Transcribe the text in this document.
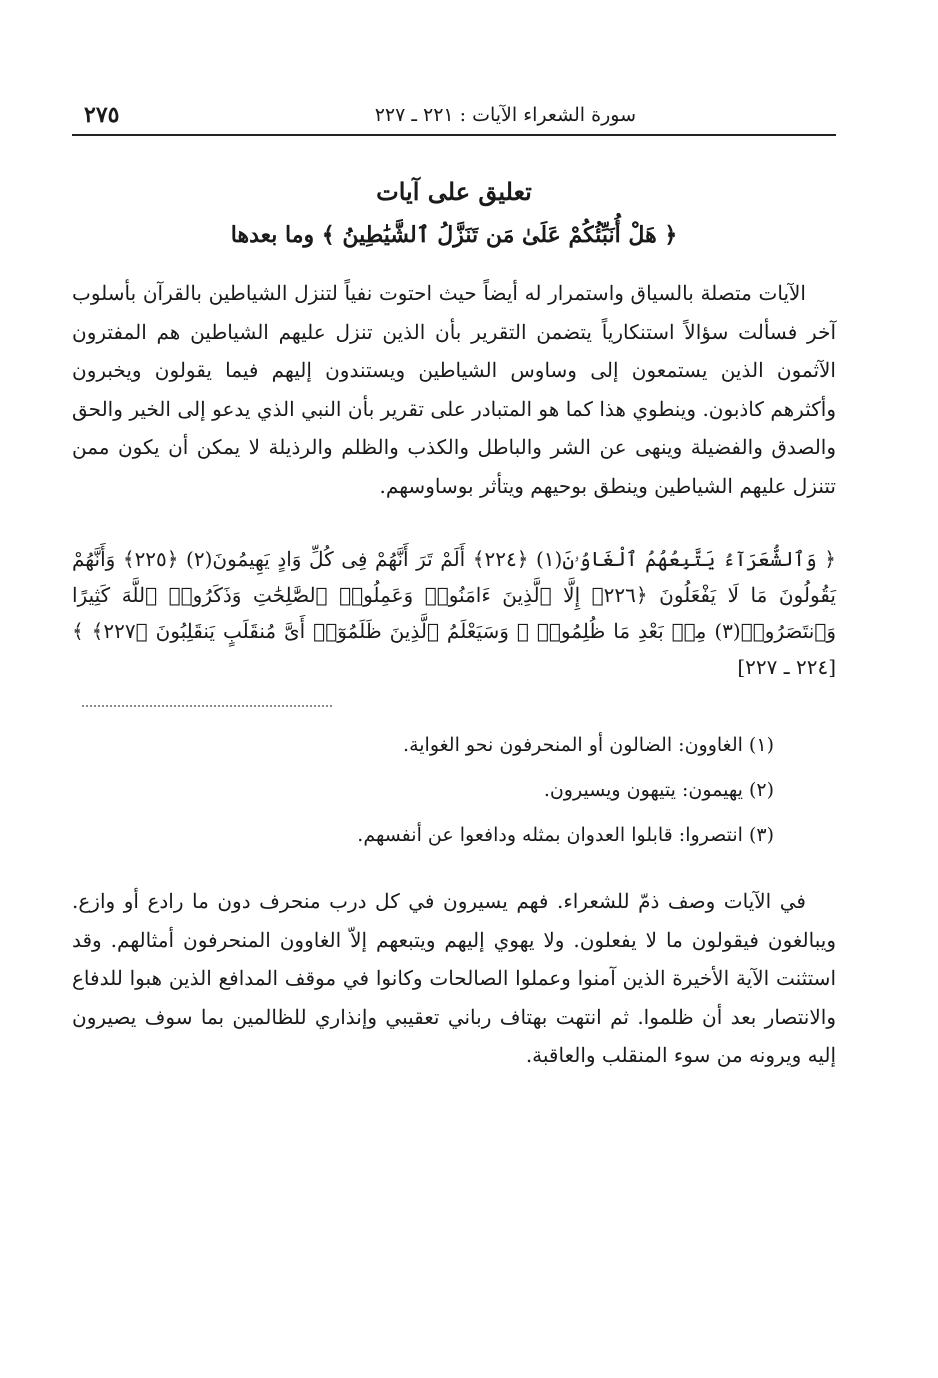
سورة الشعراء الآيات : ٢٢١ ـ ٢٢٧
٢٧٥
تعليق على آيات
﴿ هَلْ أُنَبِّئُكُمْ عَلَىٰ مَن تَنَزَّلُ ٱلشَّيَٰطِينُ ﴾ وما بعدها

الآيات متصلة بالسياق واستمرار له أيضاً حيث احتوت نفياً لتنزل الشياطين بالقرآن بأسلوب آخر فسألت سؤالاً استنكارياً يتضمن التقرير بأن الذين تنزل عليهم الشياطين هم المفترون الآثمون الذين يستمعون إلى وساوس الشياطين ويستندون إليهم فيما يقولون ويخبرون وأكثرهم كاذبون. وينطوي هذا كما هو المتبادر على تقرير بأن النبي الذي يدعو إلى الخير والحق والصدق والفضيلة وينهى عن الشر والباطل والكذب والظلم والرذيلة لا يمكن أن يكون ممن تتنزل عليهم الشياطين وينطق بوحيهم ويتأثر بوساوسهم.

﴿ وَٱلشُّعَرَآءُ يَتَّبِعُهُمُ ٱلْغَاوُۥنَ(١) ﴿٢٢٤﴾ أَلَمْ تَرَ أَنَّهُمْ فِى كُلِّ وَادٍ يَهِيمُونَ(٢) ﴿٢٢٥﴾ وَأَنَّهُمْ يَقُولُونَ مَا لَا يَفْعَلُونَ ﴿٢٢٦﴾ إِلَّا ٱلَّذِينَ ءَامَنُوا۟ وَعَمِلُوا۟ ٱلصَّٰلِحَٰتِ وَذَكَرُوا۟ ٱللَّهَ كَثِيرًا وَٱنتَصَرُوا۟(٣) مِنۢ بَعْدِ مَا ظُلِمُوا۟ ۗ وَسَيَعْلَمُ ٱلَّذِينَ ظَلَمُوٓا۟ أَىَّ مُنقَلَبٍ يَنقَلِبُونَ ﴿٢٢٧﴾ ﴾ [٢٢٤ ـ ٢٢٧]

(١) الغاوون: الضالون أو المنحرفون نحو الغواية.

(٢) يهيمون: يتيهون ويسيرون.

(٣) انتصروا: قابلوا العدوان بمثله ودافعوا عن أنفسهم.

في الآيات وصف ذمّ للشعراء. فهم يسيرون في كل درب منحرف دون ما رادع أو وازع. ويبالغون فيقولون ما لا يفعلون. ولا يهوي إليهم ويتبعهم إلاّ الغاوون المنحرفون أمثالهم. وقد استثنت الآية الأخيرة الذين آمنوا وعملوا الصالحات وكانوا في موقف المدافع الذين هبوا للدفاع والانتصار بعد أن ظلموا. ثم انتهت بهتاف رباني تعقيبي وإنذاري للظالمين بما سوف يصيرون إليه ويرونه من سوء المنقلب والعاقبة.
